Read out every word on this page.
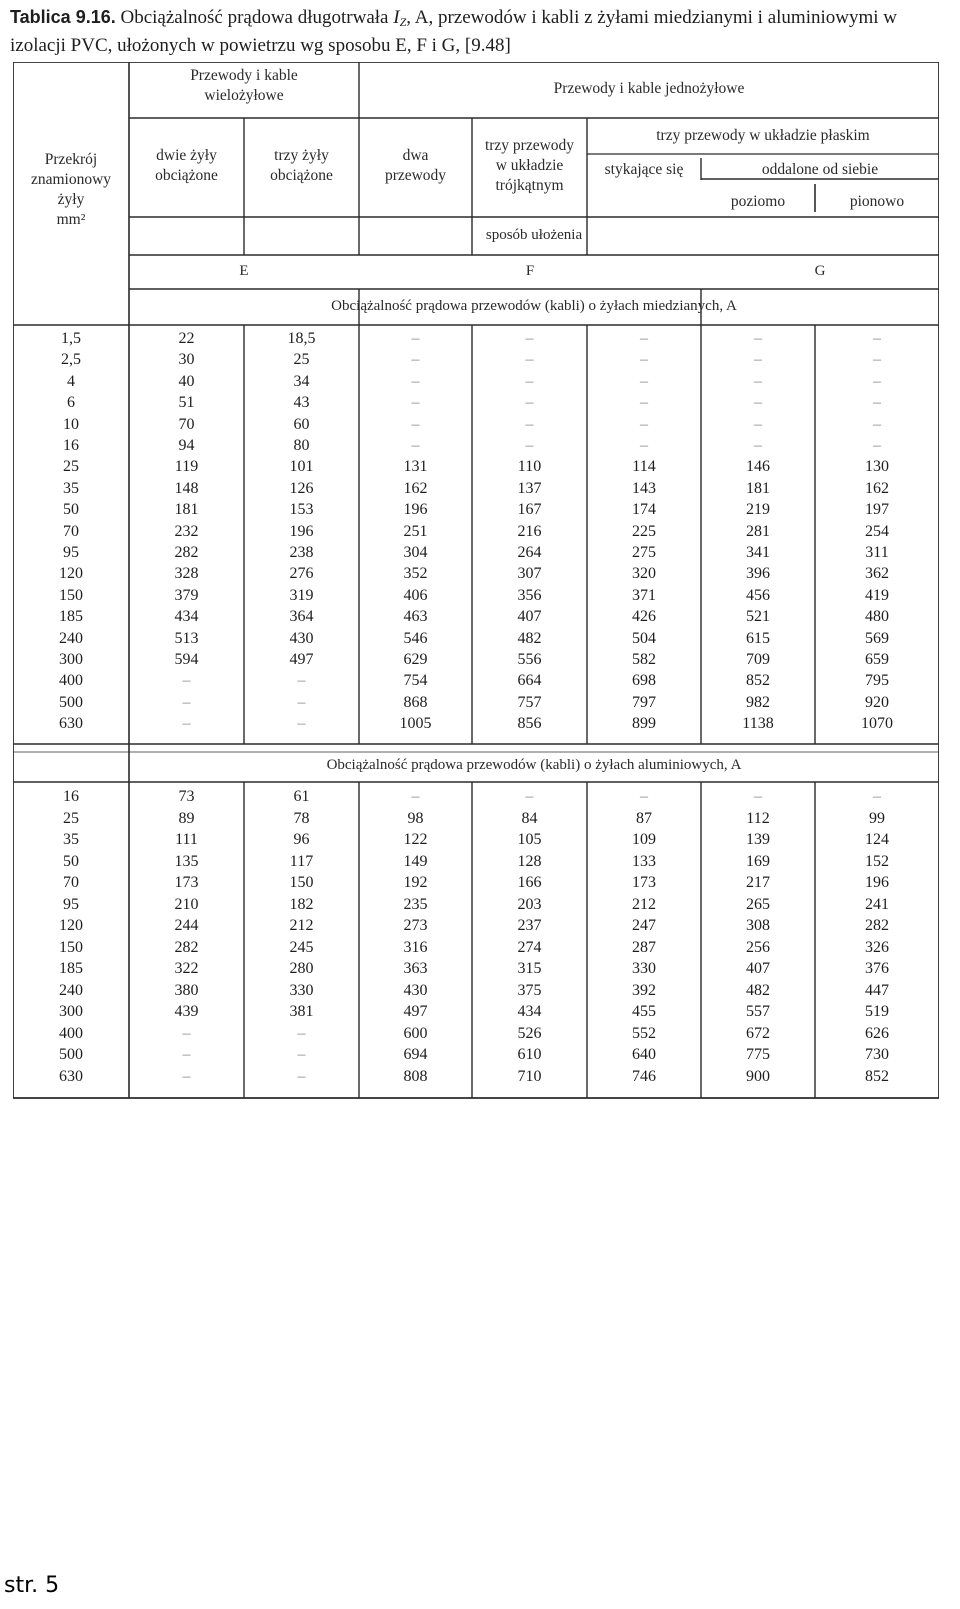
Tablica 9.16. Obciążalność prądowa długotrwała $I_Z$, A, przewodów i kabli z żyłami miedzianymi i aluminiowymi w izolacji PVC, ułożonych w powietrzu wg sposobu E, F i G, [9.48]
Przekrój
znamionowy
żyły
mm²
Przewody i kable
wielożyłowe	Przewody i kable jednożyłowe
dwie żyły
obciążone
trzy żyły
obciążone
dwa
przewody
trzy przewody
w układzie
trójkątnym
trzy przewody w układzie płaskim
stykające się	oddalone od siebie
poziomo	pionowo
sposób ułożenia
E	F	G
Obciążalność prądowa przewodów (kabli) o żyłach miedzianych, A
Obciążalność prądowa przewodów (kabli) o żyłach aluminiowych, A
1,5	22	18,5	–	–	–	–	–
2,5	30	25	–	–	–	–	–
4	40	34	–	–	–	–	–
6	51	43	–	–	–	–	–
10	70	60	–	–	–	–	–
16	94	80	–	–	–	–	–
25	119	101	131	110	114	146	130
35	148	126	162	137	143	181	162
50	181	153	196	167	174	219	197
70	232	196	251	216	225	281	254
95	282	238	304	264	275	341	311
120	328	276	352	307	320	396	362
150	379	319	406	356	371	456	419
185	434	364	463	407	426	521	480
240	513	430	546	482	504	615	569
300	594	497	629	556	582	709	659
400	–	–	754	664	698	852	795
500	–	–	868	757	797	982	920
630	–	–	1005	856	899	1138	1070
16	73	61	–	–	–	–	–
25	89	78	98	84	87	112	99
35	111	96	122	105	109	139	124
50	135	117	149	128	133	169	152
70	173	150	192	166	173	217	196
95	210	182	235	203	212	265	241
120	244	212	273	237	247	308	282
150	282	245	316	274	287	256	326
185	322	280	363	315	330	407	376
240	380	330	430	375	392	482	447
300	439	381	497	434	455	557	519
400	–	–	600	526	552	672	626
500	–	–	694	610	640	775	730
630	–	–	808	710	746	900	852
str. 5
